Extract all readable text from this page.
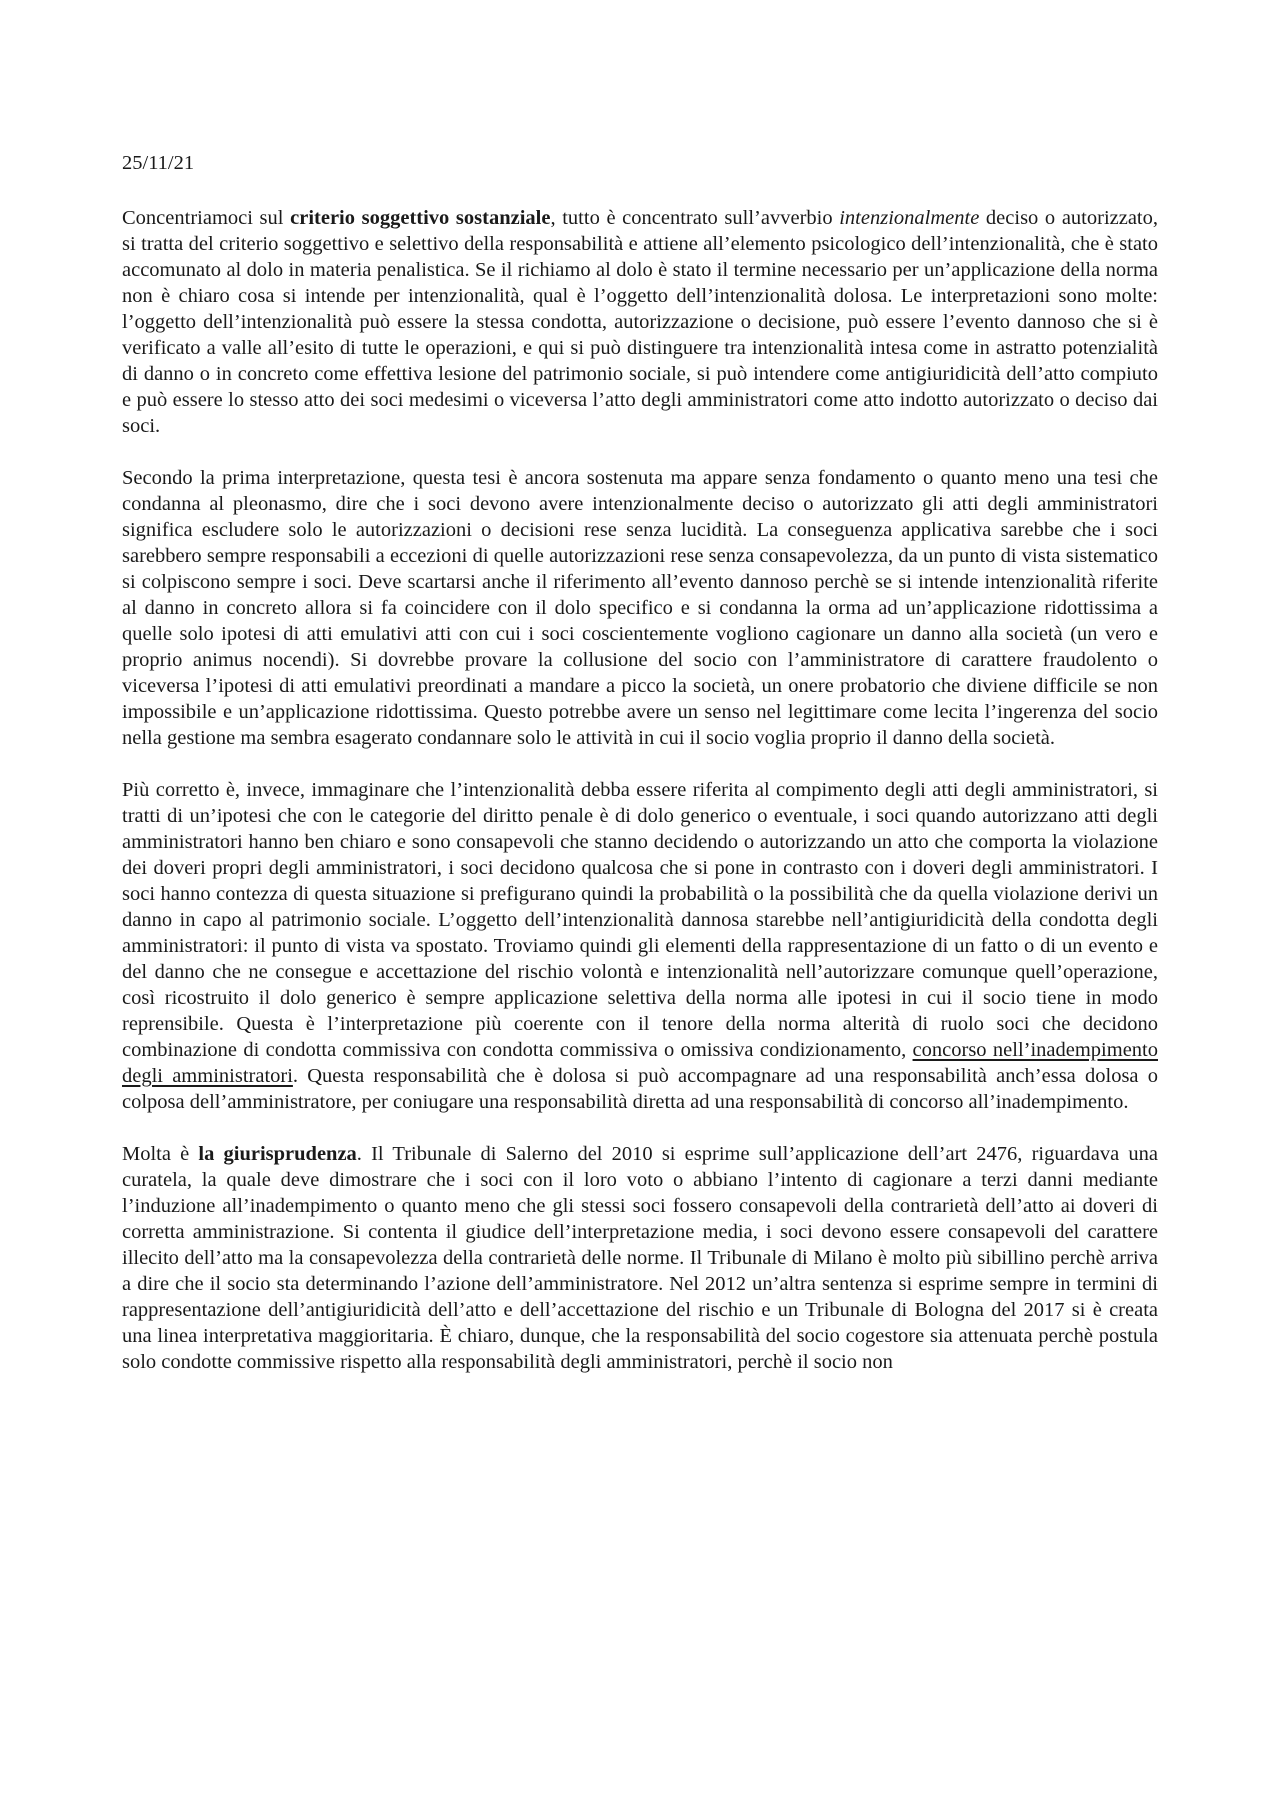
25/11/21

Concentriamoci sul criterio soggettivo sostanziale, tutto è concentrato sull’avverbio intenzionalmente deciso o autorizzato, si tratta del criterio soggettivo e selettivo della responsabilità e attiene all’elemento psicologico dell’intenzionalità, che è stato accomunato al dolo in materia penalistica. Se il richiamo al dolo è stato il termine necessario per un’applicazione della norma non è chiaro cosa si intende per intenzionalità, qual è l’oggetto dell’intenzionalità dolosa. Le interpretazioni sono molte: l’oggetto dell’intenzionalità può essere la stessa condotta, autorizzazione o decisione, può essere l’evento dannoso che si è verificato a valle all’esito di tutte le operazioni, e qui si può distinguere tra intenzionalità intesa come in astratto potenzialità di danno o in concreto come effettiva lesione del patrimonio sociale, si può intendere come antigiuridicità dell’atto compiuto e può essere lo stesso atto dei soci medesimi o viceversa l’atto degli amministratori come atto indotto autorizzato o deciso dai soci.

Secondo la prima interpretazione, questa tesi è ancora sostenuta ma appare senza fondamento o quanto meno una tesi che condanna al pleonasmo, dire che i soci devono avere intenzionalmente deciso o autorizzato gli atti degli amministratori significa escludere solo le autorizzazioni o decisioni rese senza lucidità. La conseguenza applicativa sarebbe che i soci sarebbero sempre responsabili a eccezioni di quelle autorizzazioni rese senza consapevolezza, da un punto di vista sistematico si colpiscono sempre i soci. Deve scartarsi anche il riferimento all’evento dannoso perchè se si intende intenzionalità riferite al danno in concreto allora si fa coincidere con il dolo specifico e si condanna la orma ad un’applicazione ridottissima a quelle solo ipotesi di atti emulativi atti con cui i soci coscientemente vogliono cagionare un danno alla società (un vero e proprio animus nocendi). Si dovrebbe provare la collusione del socio con l’amministratore di carattere fraudolento o viceversa l’ipotesi di atti emulativi preordinati a mandare a picco la società, un onere probatorio che diviene difficile se non impossibile e un’applicazione ridottissima. Questo potrebbe avere un senso nel legittimare come lecita l’ingerenza del socio nella gestione ma sembra esagerato condannare solo le attività in cui il socio voglia proprio il danno della società.

Più corretto è, invece, immaginare che l’intenzionalità debba essere riferita al compimento degli atti degli amministratori, si tratti di un’ipotesi che con le categorie del diritto penale è di dolo generico o eventuale, i soci quando autorizzano atti degli amministratori hanno ben chiaro e sono consapevoli che stanno decidendo o autorizzando un atto che comporta la violazione dei doveri propri degli amministratori, i soci decidono qualcosa che si pone in contrasto con i doveri degli amministratori. I soci hanno contezza di questa situazione si prefigurano quindi la probabilità o la possibilità che da quella violazione derivi un danno in capo al patrimonio sociale. L’oggetto dell’intenzionalità dannosa starebbe nell’antigiuridicità della condotta degli amministratori: il punto di vista va spostato. Troviamo quindi gli elementi della rappresentazione di un fatto o di un evento e del danno che ne consegue e accettazione del rischio volontà e intenzionalità nell’autorizzare comunque quell’operazione, così ricostruito il dolo generico è sempre applicazione selettiva della norma alle ipotesi in cui il socio tiene in modo reprensibile. Questa è l’interpretazione più coerente con il tenore della norma alterità di ruolo soci che decidono combinazione di condotta commissiva con condotta commissiva o omissiva condizionamento, concorso nell’inadempimento degli amministratori. Questa responsabilità che è dolosa si può accompagnare ad una responsabilità anch’essa dolosa o colposa dell’amministratore, per coniugare una responsabilità diretta ad una responsabilità di concorso all’inadempimento.

Molta è la giurisprudenza. Il Tribunale di Salerno del 2010 si esprime sull’applicazione dell’art 2476, riguardava una curatela, la quale deve dimostrare che i soci con il loro voto o abbiano l’intento di cagionare a terzi danni mediante l’induzione all’inadempimento o quanto meno che gli stessi soci fossero consapevoli della contrarietà dell’atto ai doveri di corretta amministrazione. Si contenta il giudice dell’interpretazione media, i soci devono essere consapevoli del carattere illecito dell’atto ma la consapevolezza della contrarietà delle norme. Il Tribunale di Milano è molto più sibillino perchè arriva a dire che il socio sta determinando l’azione dell’amministratore. Nel 2012 un’altra sentenza si esprime sempre in termini di rappresentazione dell’antigiuridicità dell’atto e dell’accettazione del rischio e un Tribunale di Bologna del 2017 si è creata una linea interpretativa maggioritaria. È chiaro, dunque, che la responsabilità del socio cogestore sia attenuata perchè postula solo condotte commissive rispetto alla responsabilità degli amministratori, perchè il socio non
